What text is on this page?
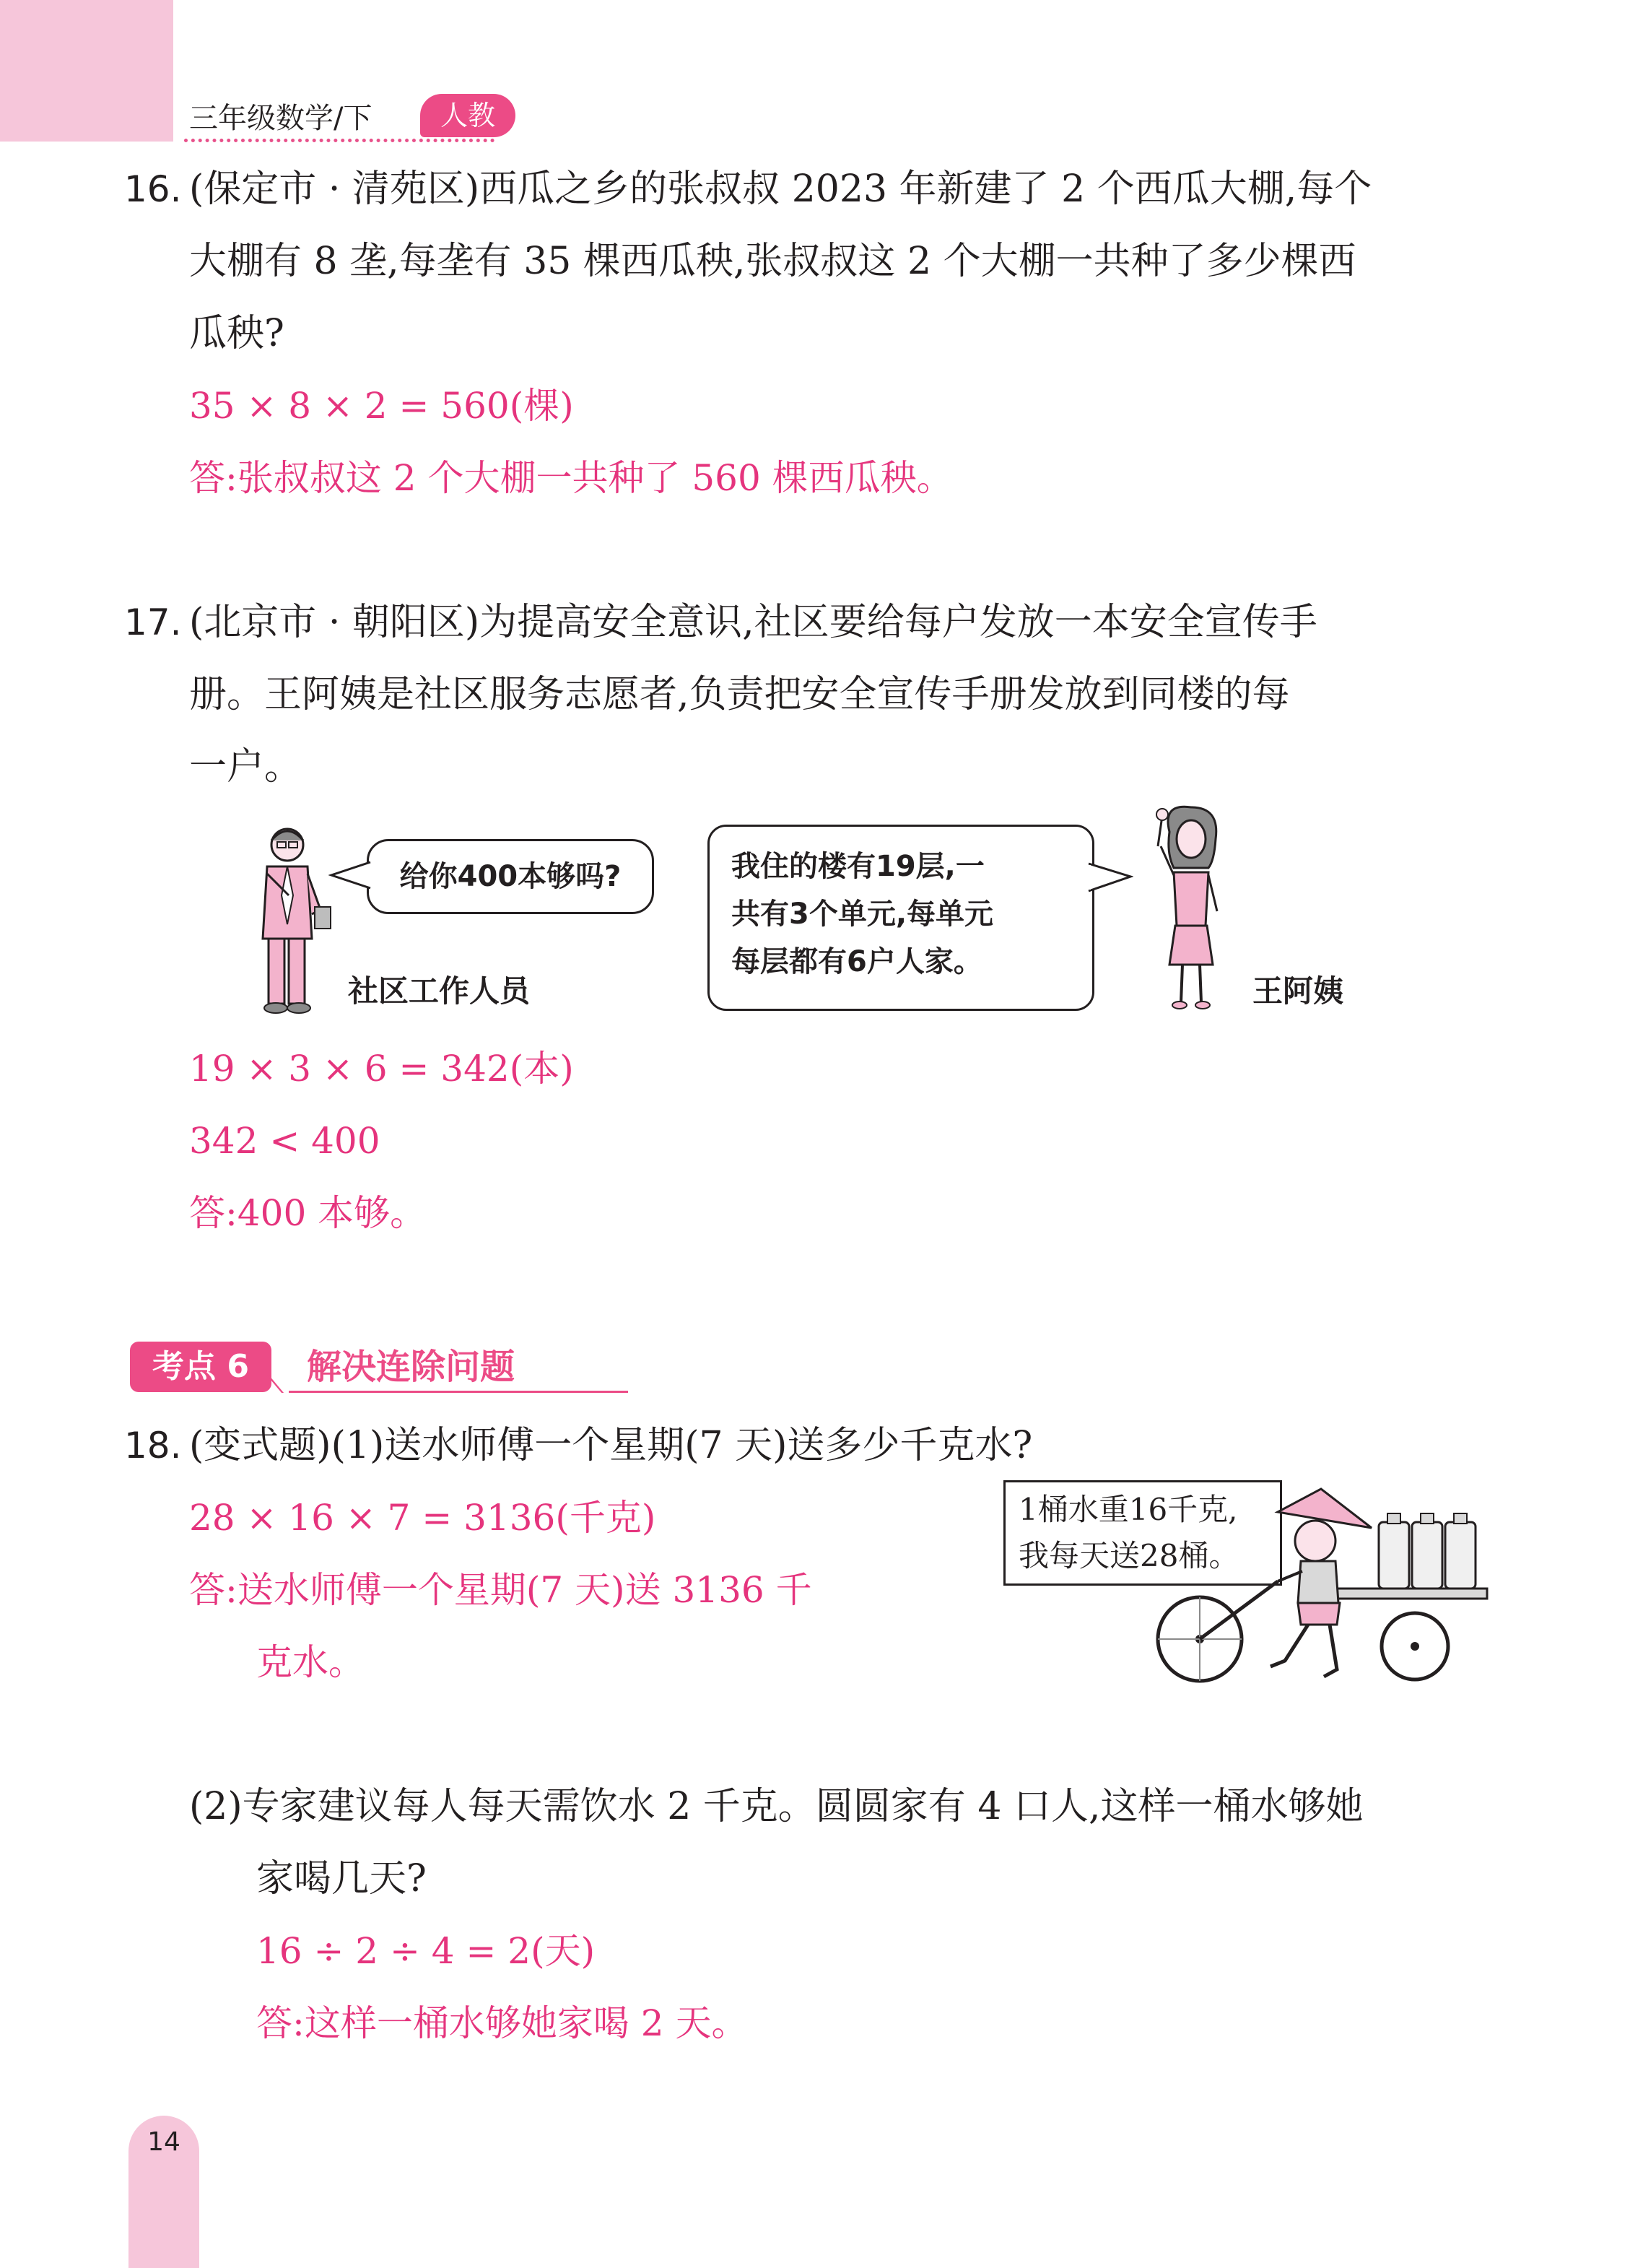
三年级数学/下	人教
16. (保定市 · 清苑区)西瓜之乡的张叔叔 2023 年新建了 2 个西瓜大棚,每个
大棚有 8 垄,每垄有 35 棵西瓜秧,张叔叔这 2 个大棚一共种了多少棵西
瓜秧?
35 × 8 × 2 = 560(棵)
答:张叔叔这 2 个大棚一共种了 560 棵西瓜秧。
17. (北京市 · 朝阳区)为提高安全意识,社区要给每户发放一本安全宣传手
册。王阿姨是社区服务志愿者,负责把安全宣传手册发放到同楼的每
一户。
给你400本够吗?
社区工作人员
我住的楼有19层,一
共有3个单元,每单元
每层都有6户人家。
王阿姨
19 × 3 × 6 = 342(本)
342 < 400
答:400 本够。
考点 6	解决连除问题
18. (变式题)(1)送水师傅一个星期(7 天)送多少千克水?
28 × 16 × 7 = 3136(千克)
答:送水师傅一个星期(7 天)送 3136 千
克水。
1桶水重16千克,
我每天送28桶。
(2)专家建议每人每天需饮水 2 千克。圆圆家有 4 口人,这样一桶水够她
家喝几天?
16 ÷ 2 ÷ 4 = 2(天)
答:这样一桶水够她家喝 2 天。
14
